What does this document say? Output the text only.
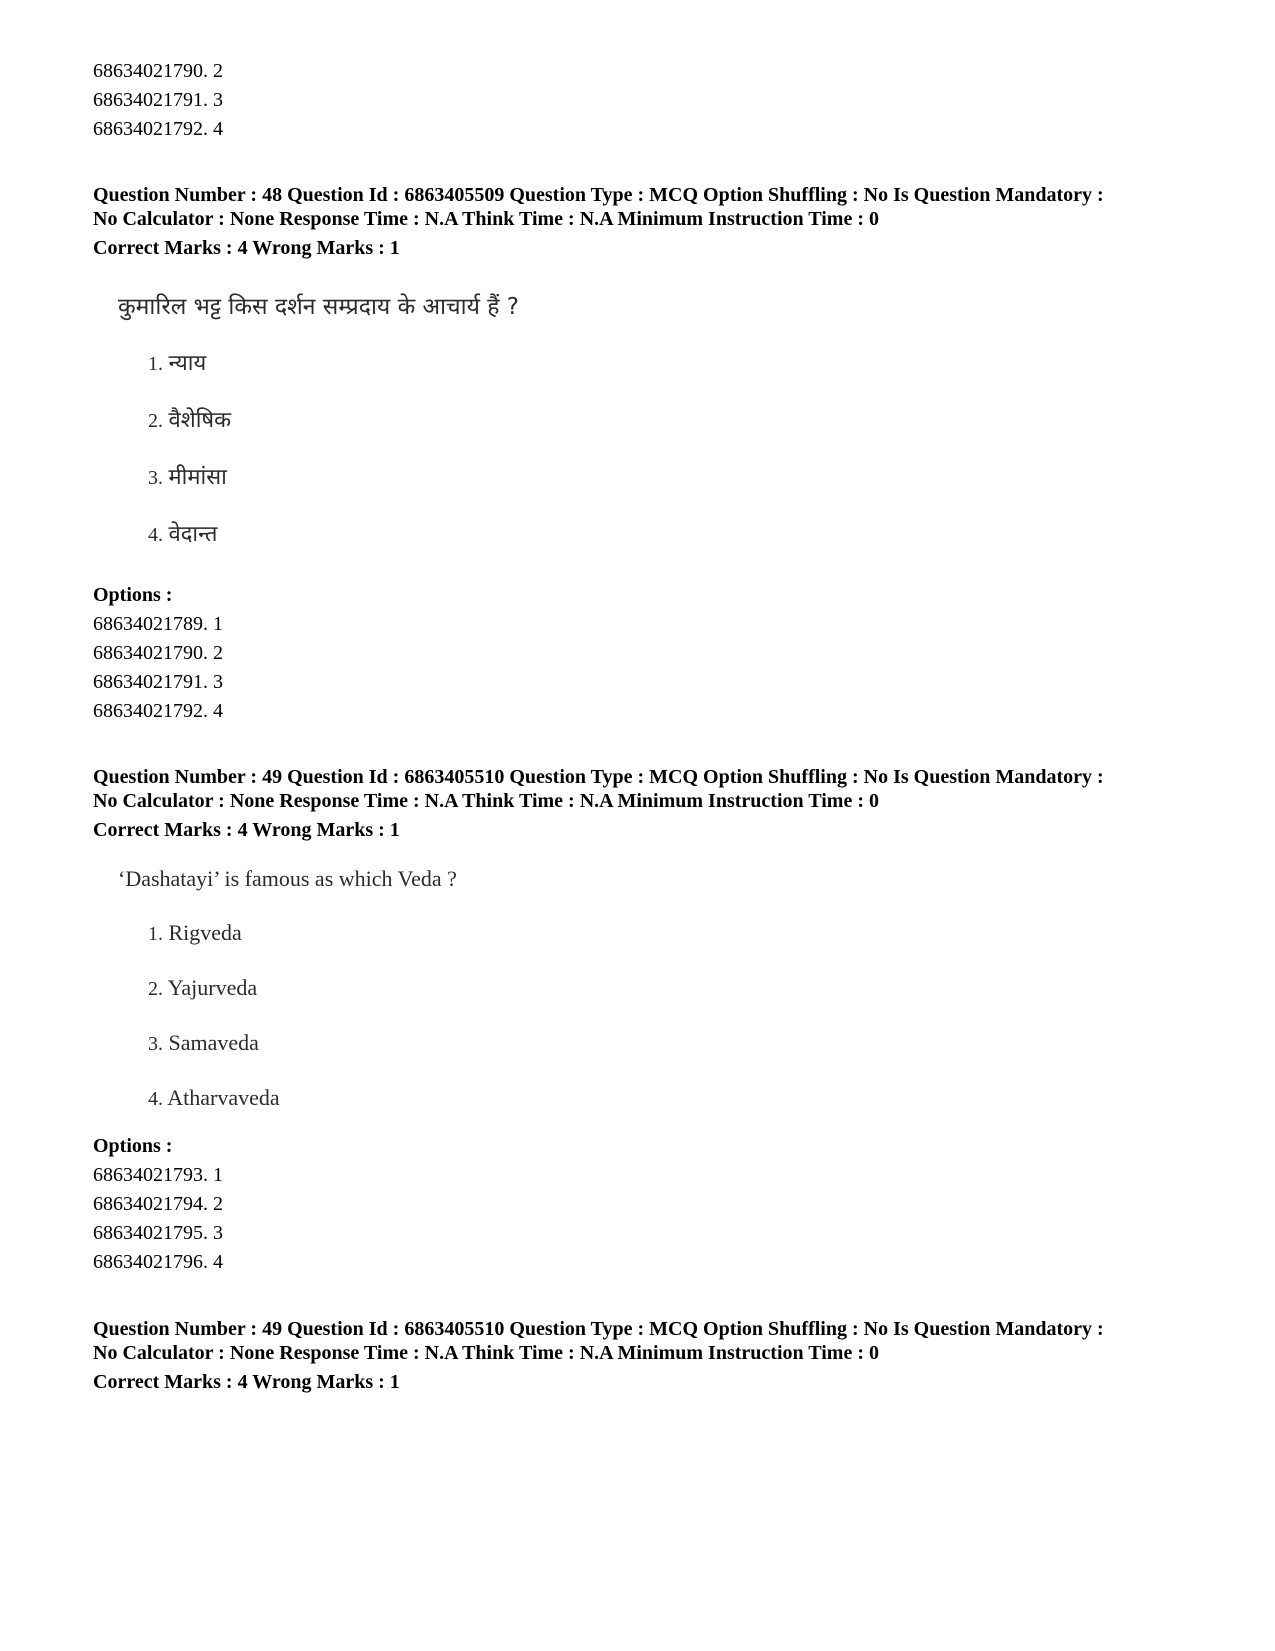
68634021790. 2
68634021791. 3
68634021792. 4
Question Number : 48 Question Id : 6863405509 Question Type : MCQ Option Shuffling : No Is Question Mandatory :
No Calculator : None Response Time : N.A Think Time : N.A Minimum Instruction Time : 0
Correct Marks : 4 Wrong Marks : 1
कुमारिल भट्ट किस दर्शन सम्प्रदाय के आचार्य हैं ?
1. न्याय
2. वैशेषिक
3. मीमांसा
4. वेदान्त
Options :
68634021789. 1
68634021790. 2
68634021791. 3
68634021792. 4
Question Number : 49 Question Id : 6863405510 Question Type : MCQ Option Shuffling : No Is Question Mandatory :
No Calculator : None Response Time : N.A Think Time : N.A Minimum Instruction Time : 0
Correct Marks : 4 Wrong Marks : 1
‘Dashatayi’ is famous as which Veda ?
1. Rigveda
2. Yajurveda
3. Samaveda
4. Atharvaveda
Options :
68634021793. 1
68634021794. 2
68634021795. 3
68634021796. 4
Question Number : 49 Question Id : 6863405510 Question Type : MCQ Option Shuffling : No Is Question Mandatory :
No Calculator : None Response Time : N.A Think Time : N.A Minimum Instruction Time : 0
Correct Marks : 4 Wrong Marks : 1
